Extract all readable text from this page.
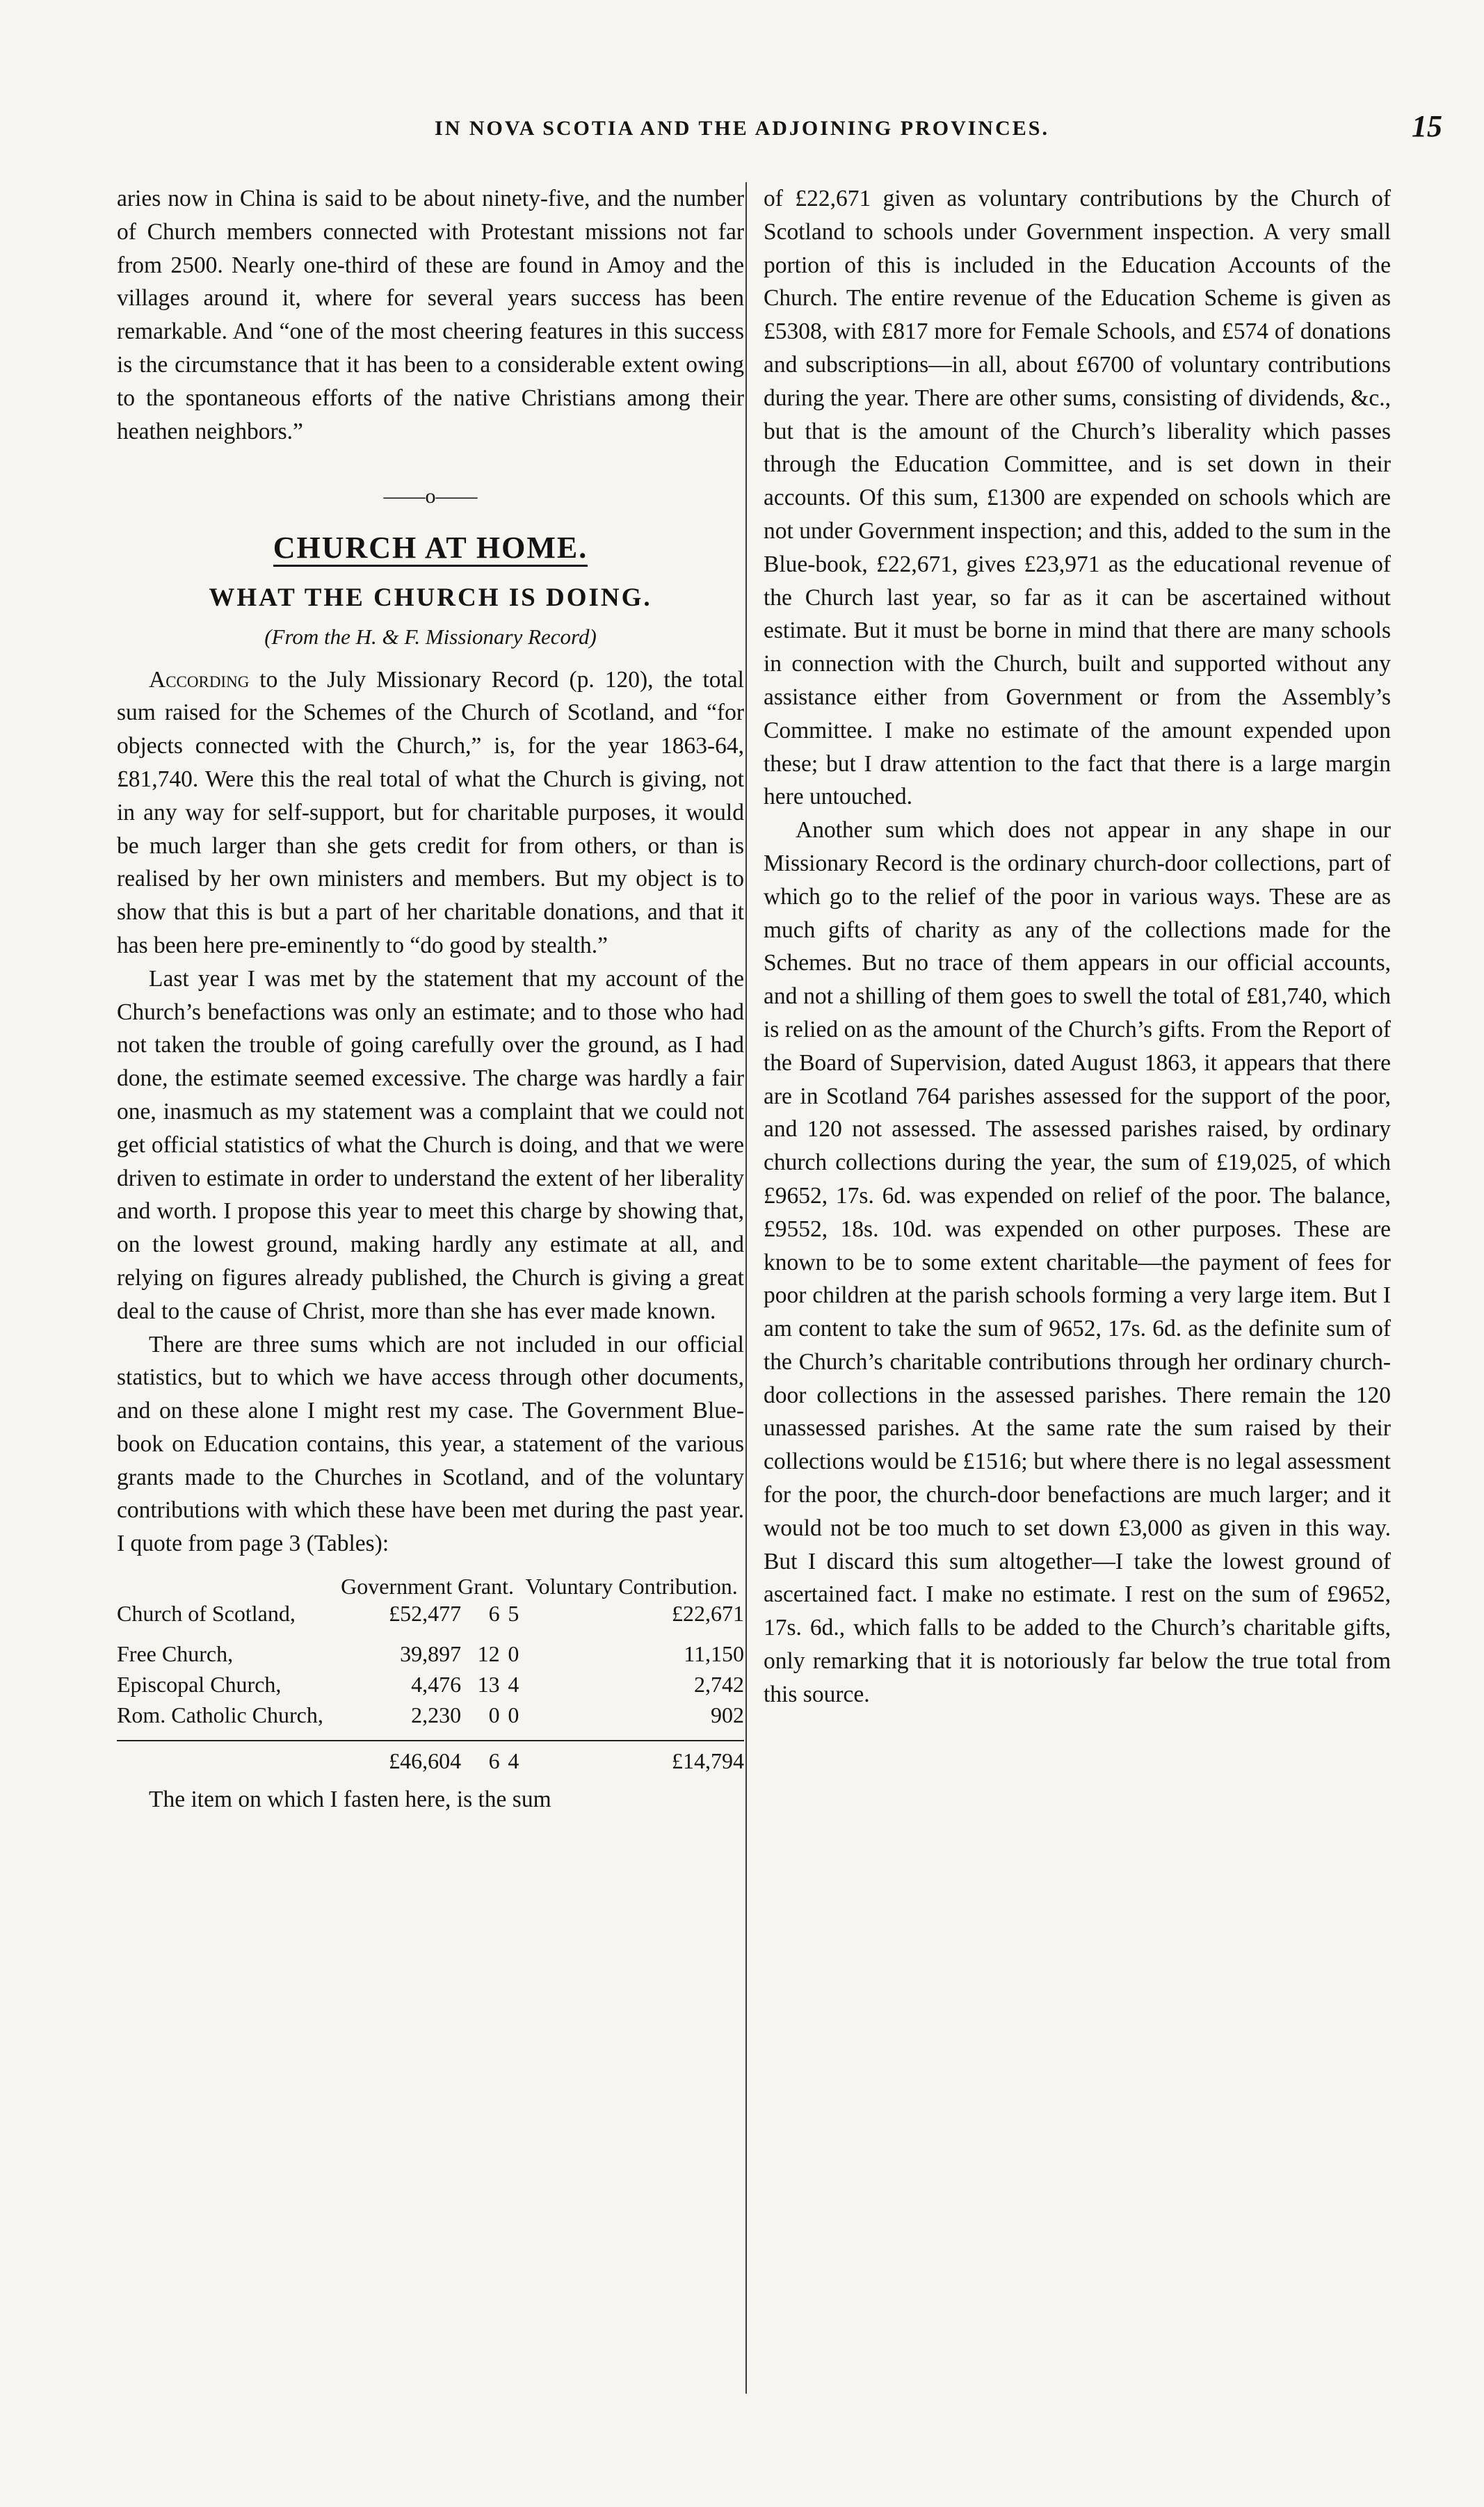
IN NOVA SCOTIA AND THE ADJOINING PROVINCES.	15

aries now in China is said to be about ninety-five, and the number of Church members connected with Protestant missions not far from 2500. Nearly one-third of these are found in Amoy and the villages around it, where for several years success has been remarkable. And “one of the most cheering features in this success is the circumstance that it has been to a considerable extent owing to the spontaneous efforts of the native Christians among their heathen neighbors.”

——o——

CHURCH AT HOME.

WHAT THE CHURCH IS DOING.

(From the H. & F. Missionary Record)

According to the July Missionary Record (p. 120), the total sum raised for the Schemes of the Church of Scotland, and “for objects connected with the Church,” is, for the year 1863-64, £81,740. Were this the real total of what the Church is giving, not in any way for self-support, but for charitable purposes, it would be much larger than she gets credit for from others, or than is realised by her own ministers and members. But my object is to show that this is but a part of her charitable donations, and that it has been here pre-eminently to “do good by stealth.”

Last year I was met by the statement that my account of the Church’s benefactions was only an estimate; and to those who had not taken the trouble of going carefully over the ground, as I had done, the estimate seemed excessive. The charge was hardly a fair one, inasmuch as my statement was a complaint that we could not get official statistics of what the Church is doing, and that we were driven to estimate in order to understand the extent of her liberality and worth. I propose this year to meet this charge by showing that, on the lowest ground, making hardly any estimate at all, and relying on figures already published, the Church is giving a great deal to the cause of Christ, more than she has ever made known.

There are three sums which are not included in our official statistics, but to which we have access through other documents, and on these alone I might rest my case. The Government Blue-book on Education contains, this year, a statement of the various grants made to the Churches in Scotland, and of the voluntary contributions with which these have been met during the past year. I quote from page 3 (Tables):

	Government Grant.			Voluntary Contribution.
Church of Scotland,	£52,477	6	5	£22,671

Free Church,	39,897	12	0	11,150
Episcopal Church,	4,476	13	4	2,742
Rom. Catholic Church,	2,230	0	0	902

	£46,604	6	4	£14,794

The item on which I fasten here, is the sum

of £22,671 given as voluntary contributions by the Church of Scotland to schools under Government inspection. A very small portion of this is included in the Education Accounts of the Church. The entire revenue of the Education Scheme is given as £5308, with £817 more for Female Schools, and £574 of donations and subscriptions—in all, about £6700 of voluntary contributions during the year. There are other sums, consisting of dividends, &c., but that is the amount of the Church’s liberality which passes through the Education Committee, and is set down in their accounts. Of this sum, £1300 are expended on schools which are not under Government inspection; and this, added to the sum in the Blue-book, £22,671, gives £23,971 as the educational revenue of the Church last year, so far as it can be ascertained without estimate. But it must be borne in mind that there are many schools in connection with the Church, built and supported without any assistance either from Government or from the Assembly’s Committee. I make no estimate of the amount expended upon these; but I draw attention to the fact that there is a large margin here untouched.

Another sum which does not appear in any shape in our Missionary Record is the ordinary church-door collections, part of which go to the relief of the poor in various ways. These are as much gifts of charity as any of the collections made for the Schemes. But no trace of them appears in our official accounts, and not a shilling of them goes to swell the total of £81,740, which is relied on as the amount of the Church’s gifts. From the Report of the Board of Supervision, dated August 1863, it appears that there are in Scotland 764 parishes assessed for the support of the poor, and 120 not assessed. The assessed parishes raised, by ordinary church collections during the year, the sum of £19,025, of which £9652, 17s. 6d. was expended on relief of the poor. The balance, £9552, 18s. 10d. was expended on other purposes. These are known to be to some extent charitable—the payment of fees for poor children at the parish schools forming a very large item. But I am content to take the sum of 9652, 17s. 6d. as the definite sum of the Church’s charitable contributions through her ordinary church-door collections in the assessed parishes. There remain the 120 unassessed parishes. At the same rate the sum raised by their collections would be £1516; but where there is no legal assessment for the poor, the church-door benefactions are much larger; and it would not be too much to set down £3,000 as given in this way. But I discard this sum altogether—I take the lowest ground of ascertained fact. I make no estimate. I rest on the sum of £9652, 17s. 6d., which falls to be added to the Church’s charitable gifts, only remarking that it is notoriously far below the true total from this source.
